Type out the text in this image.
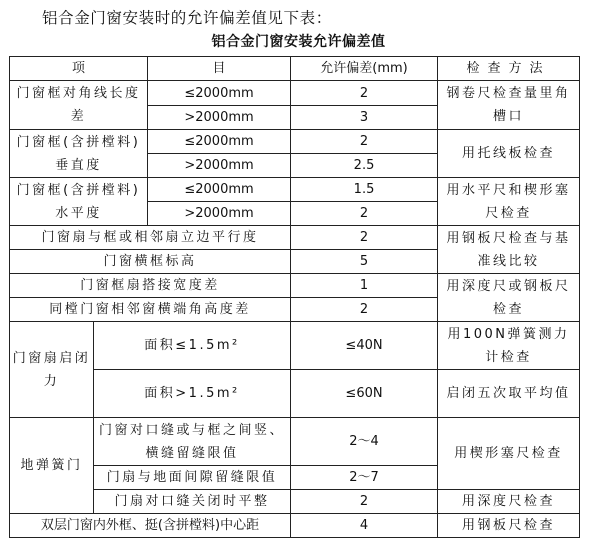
铝合金门窗安装时的允许偏差值见下表：
铝合金门窗安装允许偏差值
项		目	允许偏差(mm)	检查方法
门窗框对角线长度差		≤2000mm	2	钢卷尺检查量里角槽口
		>2000mm	3	
门窗框(含拼樘料)垂直度		≤2000mm	2	用托线板检查
		>2000mm	2.5	
门窗框(含拼樘料)水平度		≤2000mm	1.5	用水平尺和楔形塞尺检查
		>2000mm	2	
门窗扇与框或相邻扇立边平行度			2	用钢板尺检查与基准线比较
门窗横框标高			5	
门窗框扇搭接宽度差			1	用深度尺或钢板尺检查
同樘门窗相邻窗横端角高度差			2	
门窗扇启闭力	面积≤1.5m²		≤40N	用100N弹簧测力计检查
	面积>1.5m²		≤60N	启闭五次取平均值
地弹簧门	门窗对口缝或与框之间竖、横缝留缝限值		2～4	用楔形塞尺检查
	门扇与地面间隙留缝限值		2～7	
	门扇对口缝关闭时平整		2	用深度尺检查
双层门窗内外框、挺(含拼樘料)中心距			4	用钢板尺检查
